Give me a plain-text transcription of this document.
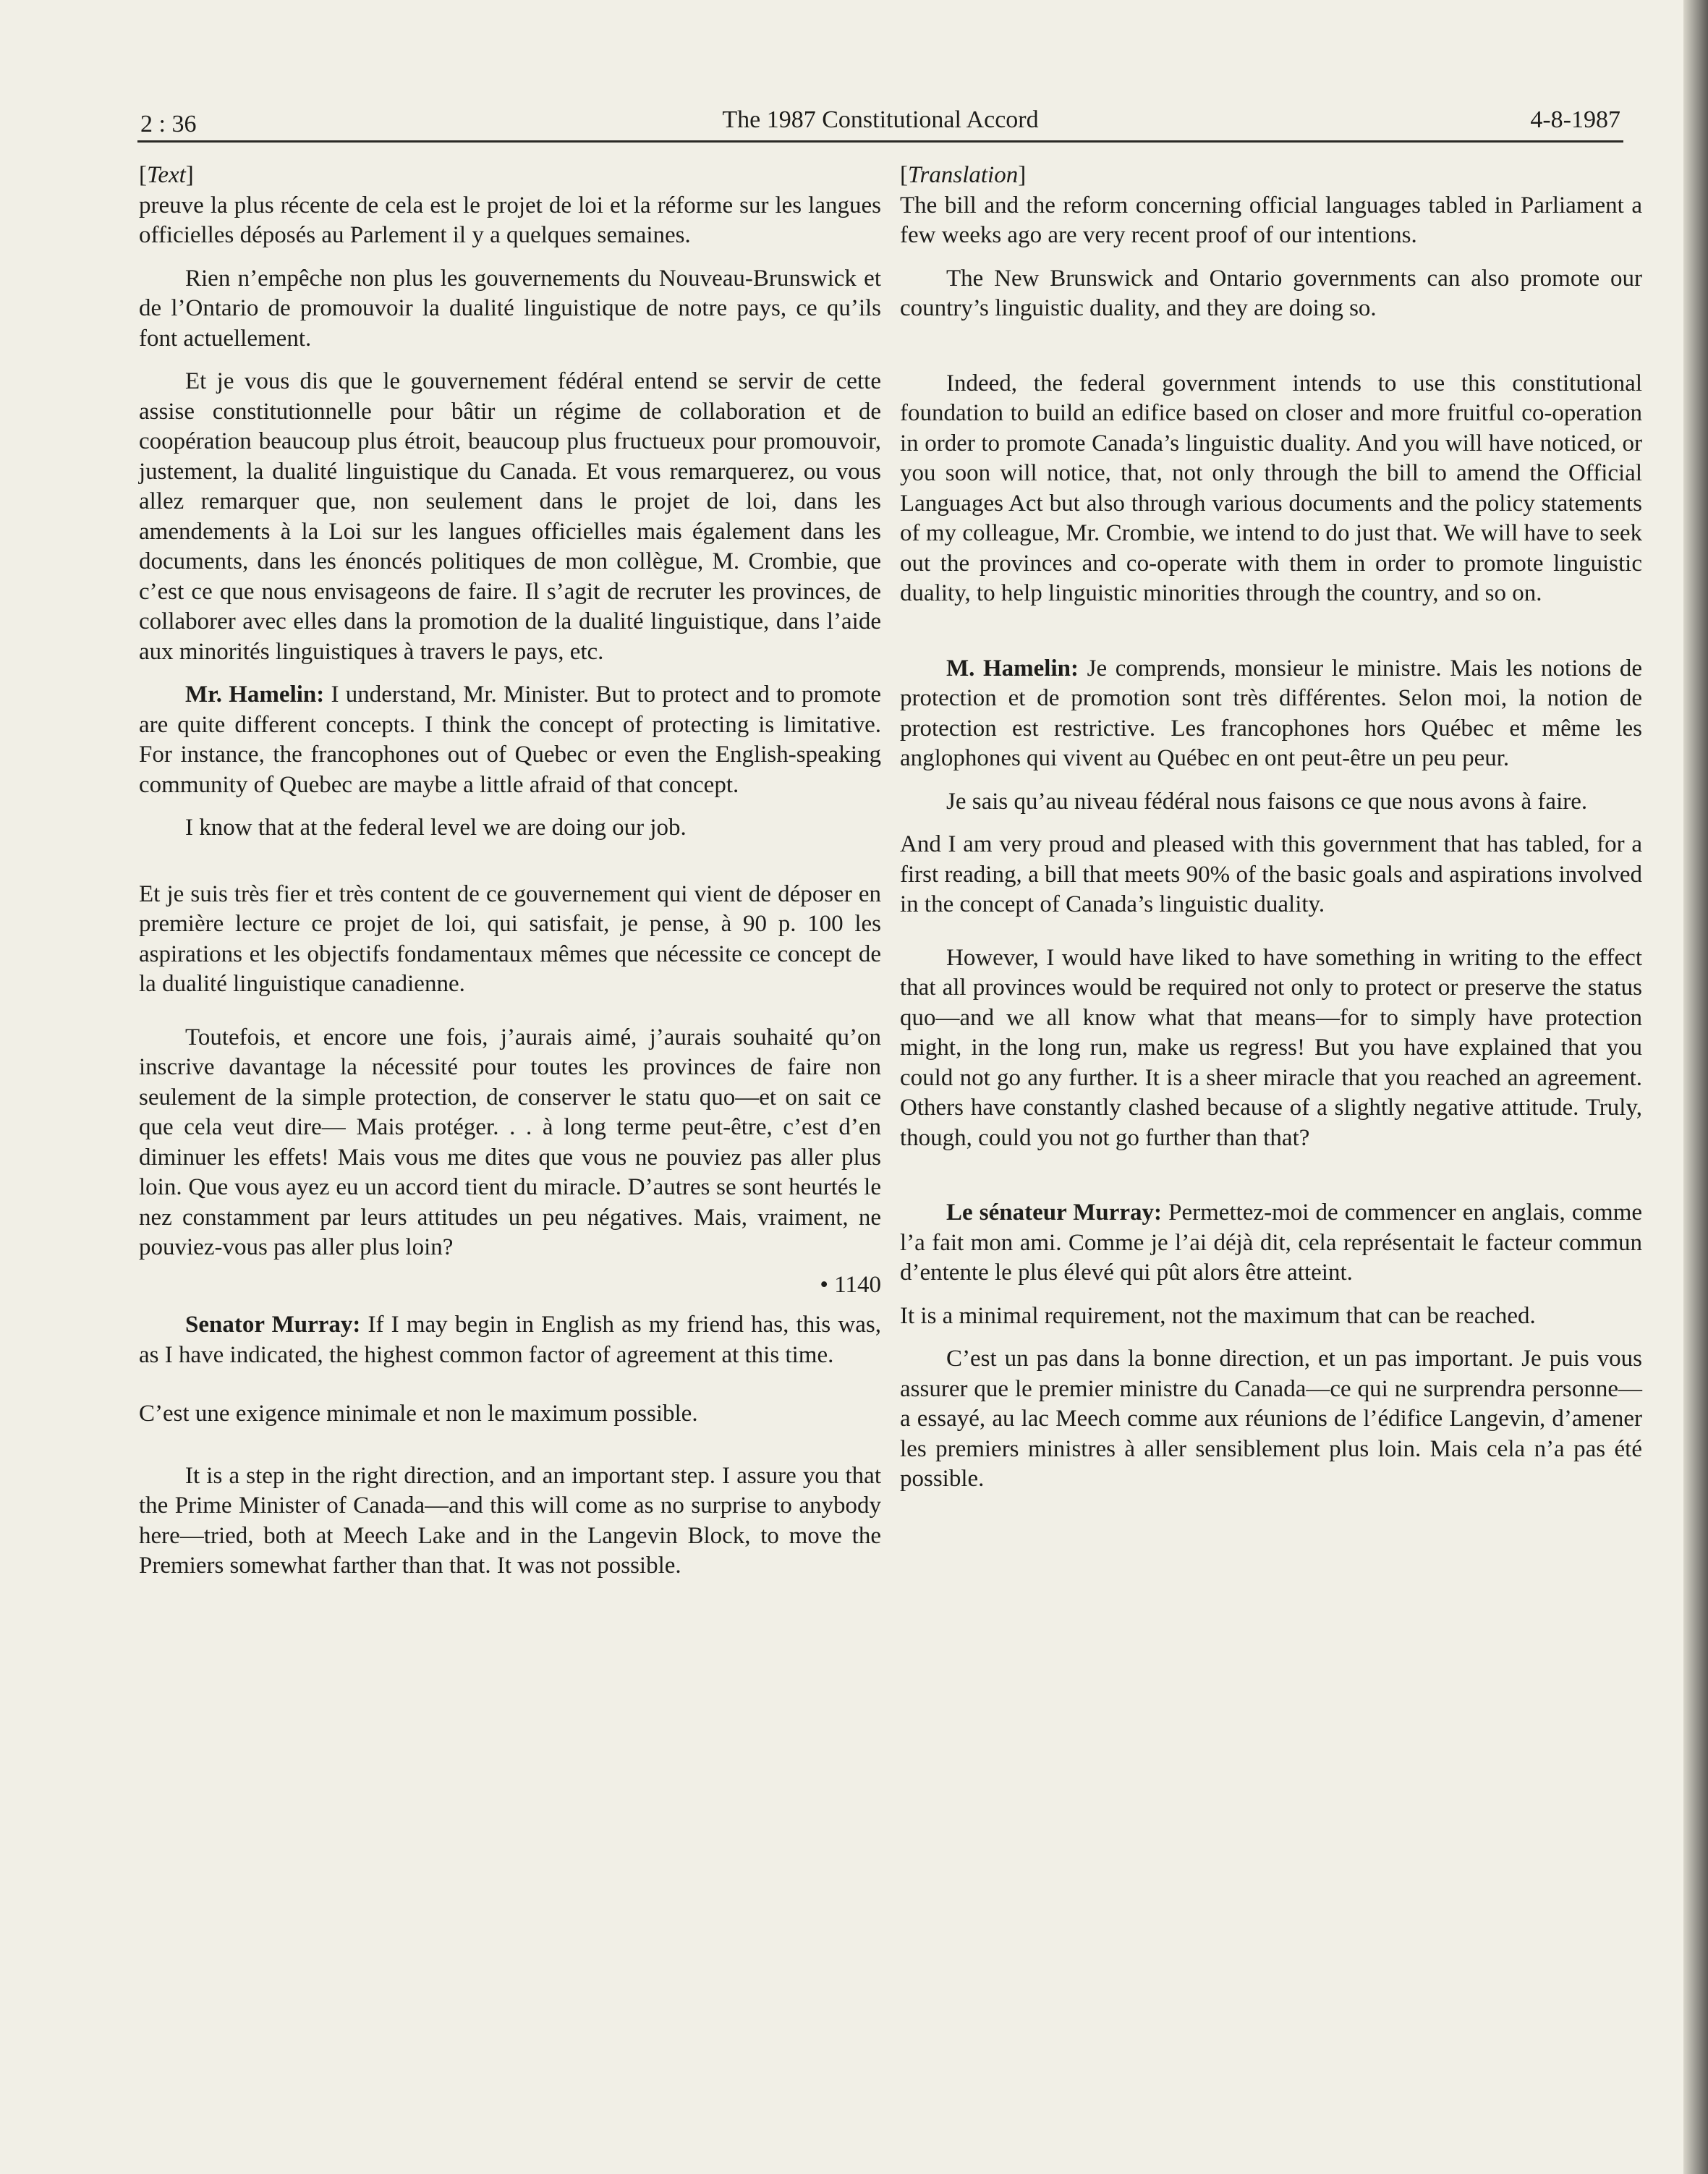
2 : 36	The 1987 Constitutional Accord	4-8-1987

[Text]

preuve la plus récente de cela est le projet de loi et la réforme sur les langues officielles déposés au Parlement il y a quelques semaines.

Rien n’empêche non plus les gouvernements du Nouveau-Brunswick et de l’Ontario de promouvoir la dualité linguistique de notre pays, ce qu’ils font actuellement.

Et je vous dis que le gouvernement fédéral entend se servir de cette assise constitutionnelle pour bâtir un régime de collaboration et de coopération beaucoup plus étroit, beaucoup plus fructueux pour promouvoir, justement, la dualité linguistique du Canada. Et vous remarquerez, ou vous allez remarquer que, non seulement dans le projet de loi, dans les amendements à la Loi sur les langues officielles mais également dans les documents, dans les énoncés politiques de mon collègue, M. Crombie, que c’est ce que nous envisageons de faire. Il s’agit de recruter les provinces, de collaborer avec elles dans la promotion de la dualité linguistique, dans l’aide aux minorités linguistiques à travers le pays, etc.

Mr. Hamelin: I understand, Mr. Minister. But to protect and to promote are quite different concepts. I think the concept of protecting is limitative. For instance, the francophones out of Quebec or even the English-speaking community of Quebec are maybe a little afraid of that concept.

I know that at the federal level we are doing our job.

Et je suis très fier et très content de ce gouvernement qui vient de déposer en première lecture ce projet de loi, qui satisfait, je pense, à 90 p. 100 les aspirations et les objectifs fondamentaux mêmes que nécessite ce concept de la dualité linguistique canadienne.

Toutefois, et encore une fois, j’aurais aimé, j’aurais souhaité qu’on inscrive davantage la nécessité pour toutes les provinces de faire non seulement de la simple protection, de conserver le statu quo—et on sait ce que cela veut dire— Mais protéger. . . à long terme peut-être, c’est d’en diminuer les effets! Mais vous me dites que vous ne pouviez pas aller plus loin. Que vous ayez eu un accord tient du miracle. D’autres se sont heurtés le nez constamment par leurs attitudes un peu négatives. Mais, vraiment, ne pouviez-vous pas aller plus loin?

• 1140

Senator Murray: If I may begin in English as my friend has, this was, as I have indicated, the highest common factor of agreement at this time.

C’est une exigence minimale et non le maximum possible.

It is a step in the right direction, and an important step. I assure you that the Prime Minister of Canada—and this will come as no surprise to anybody here—tried, both at Meech Lake and in the Langevin Block, to move the Premiers somewhat farther than that. It was not possible.

[Translation]

The bill and the reform concerning official languages tabled in Parliament a few weeks ago are very recent proof of our intentions.

The New Brunswick and Ontario governments can also promote our country’s linguistic duality, and they are doing so.

Indeed, the federal government intends to use this constitutional foundation to build an edifice based on closer and more fruitful co-operation in order to promote Canada’s linguistic duality. And you will have noticed, or you soon will notice, that, not only through the bill to amend the Official Languages Act but also through various documents and the policy statements of my colleague, Mr. Crombie, we intend to do just that. We will have to seek out the provinces and co-operate with them in order to promote linguistic duality, to help linguistic minorities through the country, and so on.

M. Hamelin: Je comprends, monsieur le ministre. Mais les notions de protection et de promotion sont très différentes. Selon moi, la notion de protection est restrictive. Les francophones hors Québec et même les anglophones qui vivent au Québec en ont peut-être un peu peur.

Je sais qu’au niveau fédéral nous faisons ce que nous avons à faire.

And I am very proud and pleased with this government that has tabled, for a first reading, a bill that meets 90% of the basic goals and aspirations involved in the concept of Canada’s linguistic duality.

However, I would have liked to have something in writing to the effect that all provinces would be required not only to protect or preserve the status quo—and we all know what that means—for to simply have protection might, in the long run, make us regress! But you have explained that you could not go any further. It is a sheer miracle that you reached an agreement. Others have constantly clashed because of a slightly negative attitude. Truly, though, could you not go further than that?

Le sénateur Murray: Permettez-moi de commencer en anglais, comme l’a fait mon ami. Comme je l’ai déjà dit, cela représentait le facteur commun d’entente le plus élevé qui pût alors être atteint.

It is a minimal requirement, not the maximum that can be reached.

C’est un pas dans la bonne direction, et un pas important. Je puis vous assurer que le premier ministre du Canada—ce qui ne surprendra personne—a essayé, au lac Meech comme aux réunions de l’édifice Langevin, d’amener les premiers ministres à aller sensiblement plus loin. Mais cela n’a pas été possible.
